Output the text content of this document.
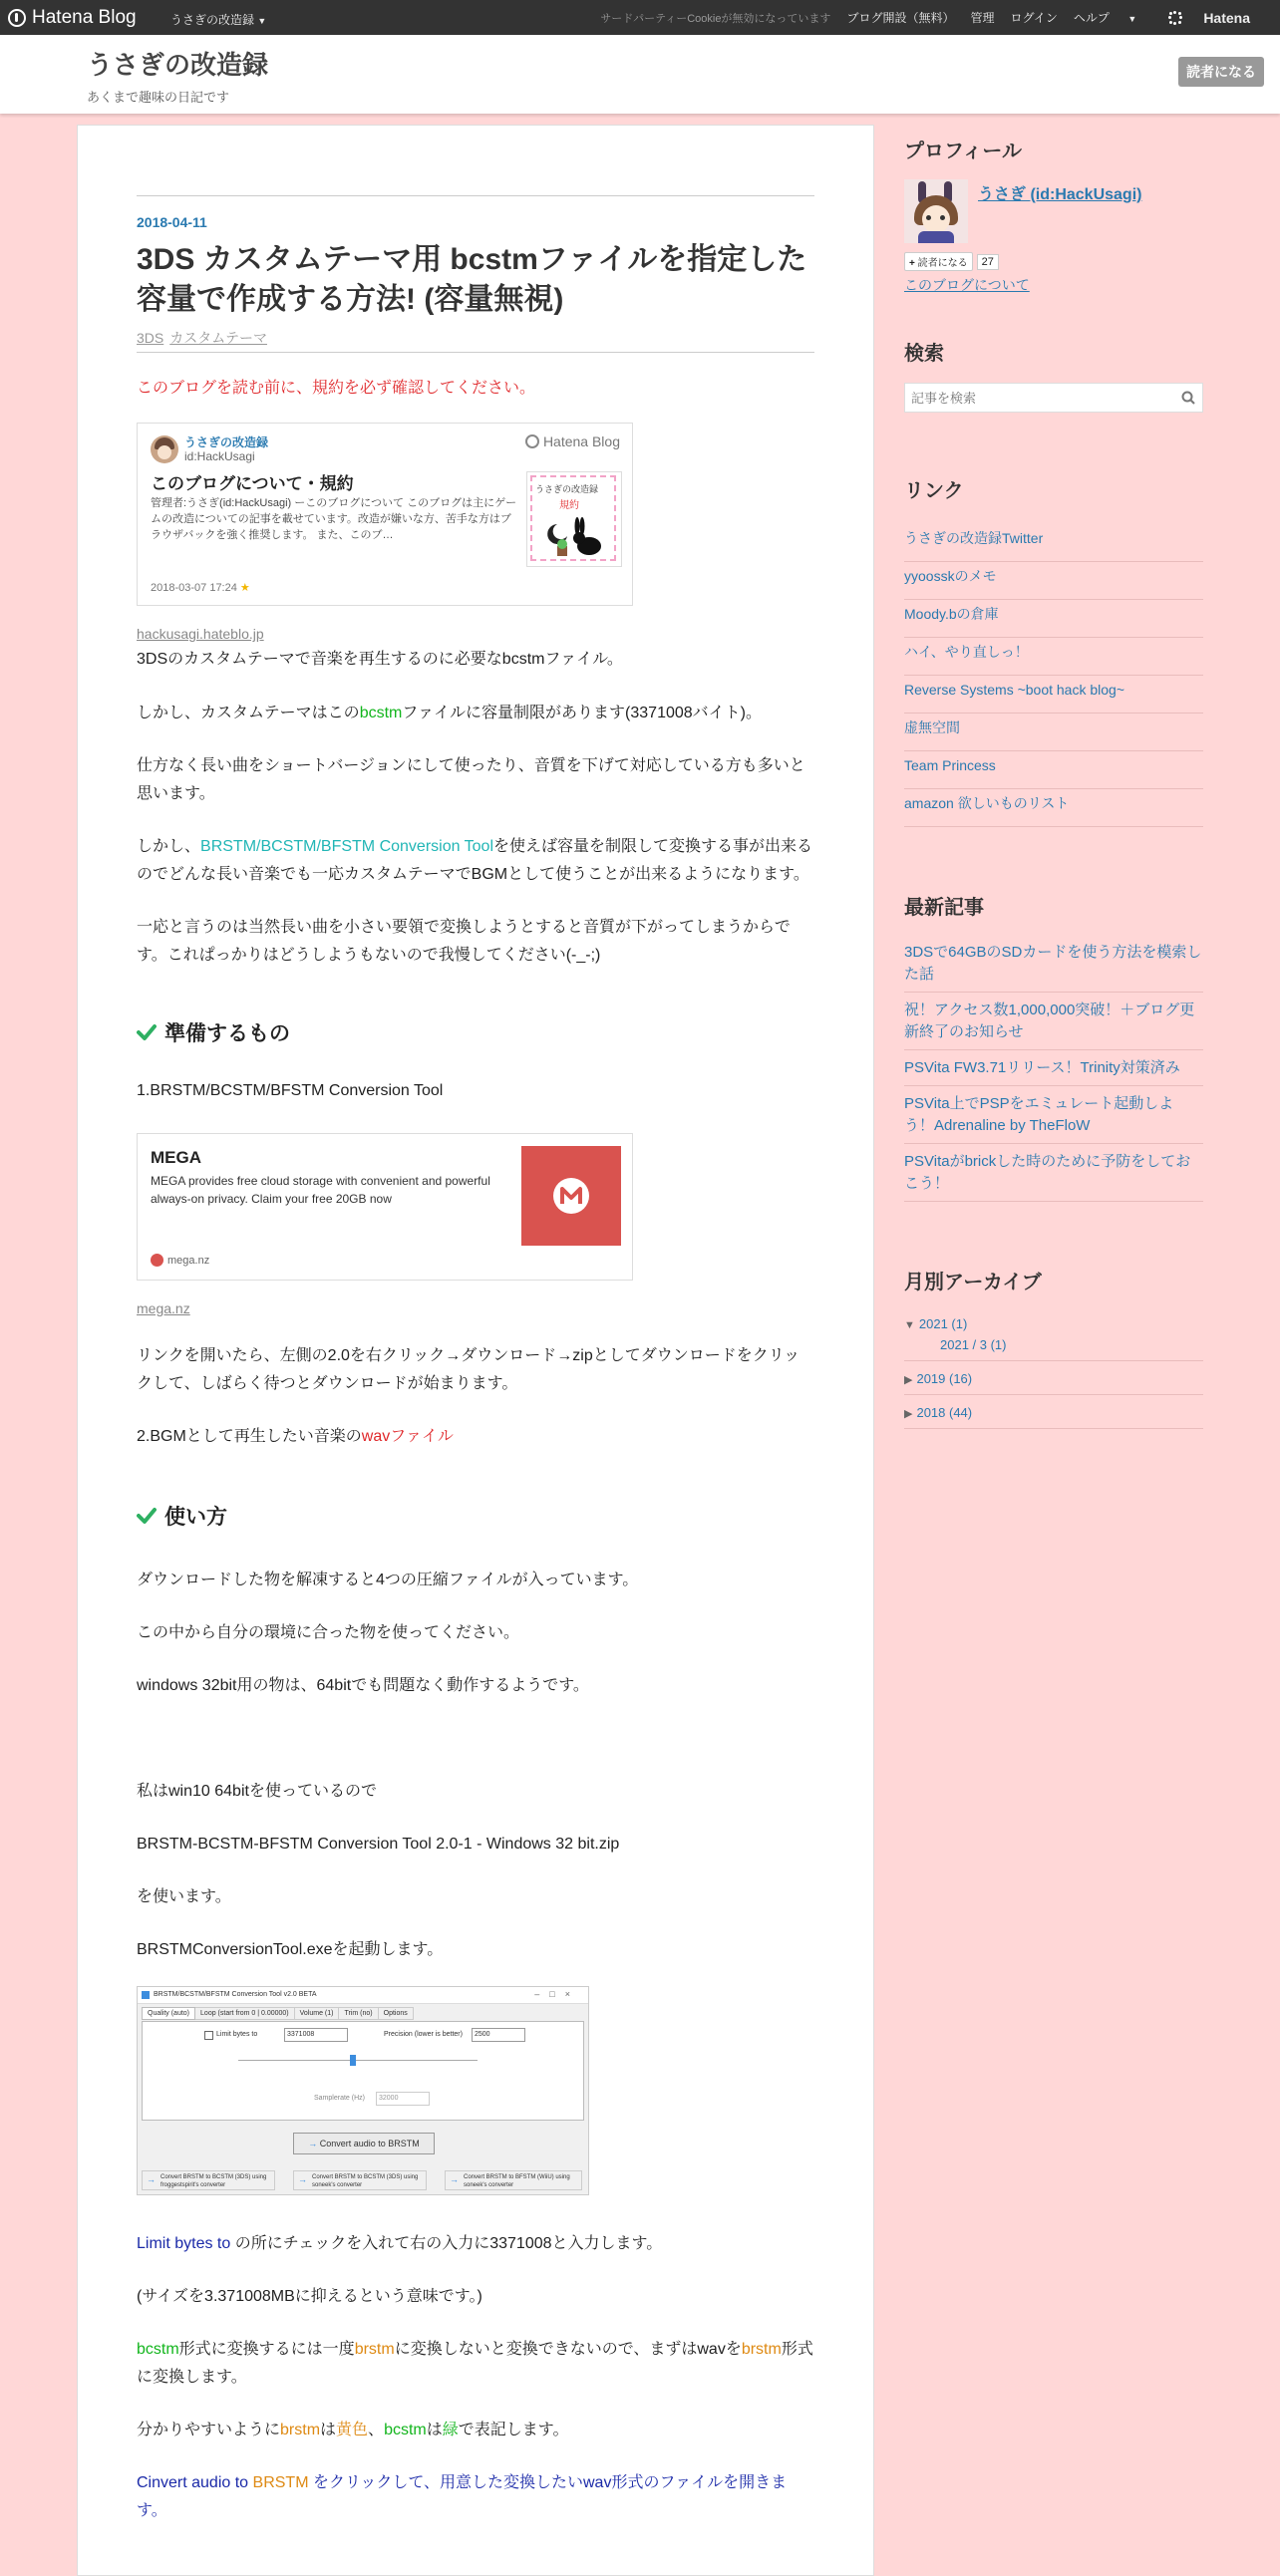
Hatena Blog	うさぎの改造録 ▼	サードパーティーCookieが無効になっています ブログ開設（無料） 管理 ログイン ヘルプ ▼	Hatena
うさぎの改造録
あくまで趣味の日記です
読者になる
2018-04-11
3DS カスタムテーマ用 bcstmファイルを指定した容量で作成する方法! (容量無視)
3DS カスタムテーマ

このブログを読む前に、規約を必ず確認してください。

うさぎの改造録
id:HackUsagi
Hatena Blog
このブログについて・規約
管理者:うさぎ(id:HackUsagi) ーこのブログについて このブログは主にゲームの改造についての記事を載せています。改造が嫌いな方、苦手な方はブラウザバックを強く推奨します。 また、このブ…
うさぎの改造録
規約
2018-03-07 17:24 ★
hackusagi.hateblo.jp

3DSのカスタムテーマで音楽を再生するのに必要なbcstmファイル。

しかし、カスタムテーマはこのbcstmファイルに容量制限があります(3371008バイト)。

仕方なく長い曲をショートバージョンにして使ったり、音質を下げて対応している方も多いと思います。

しかし、BRSTM/BCSTM/BFSTM Conversion Toolを使えば容量を制限して変換する事が出来るのでどんな長い音楽でも一応カスタムテーマでBGMとして使うことが出来るようになります。

一応と言うのは当然長い曲を小さい要領で変換しようとすると音質が下がってしまうからです。これぱっかりはどうしようもないので我慢してください(-_-;)

準備するもの

1.BRSTM/BCSTM/BFSTM Conversion Tool

MEGA
MEGA provides free cloud storage with convenient and powerful always-on privacy. Claim your free 20GB now
mega.nz
mega.nz

リンクを開いたら、左側の2.0を右クリック→ダウンロード→zipとしてダウンロードをクリックして、しばらく待つとダウンロードが始まります。

2.BGMとして再生したい音楽のwavファイル

使い方

ダウンロードした物を解凍すると4つの圧縮ファイルが入っています。

この中から自分の環境に合った物を使ってください。

windows 32bit用の物は、64bitでも問題なく動作するようです。

私はwin10 64bitを使っているので

BRSTM-BCSTM-BFSTM Conversion Tool 2.0-1 - Windows 32 bit.zip

を使います。

BRSTMConversionTool.exeを起動します。

BRSTM/BCSTM/BFSTM Conversion Tool v2.0 BETA	–□×
Quality (auto)	Loop (start from 0 | 0.00000)	Volume (1)	Trim (no)	Options
Limit bytes to	3371008	Precision (lower is better)	2500
Samplerate (Hz)	32000
→ Convert audio to BRSTM
→ Convert BRSTM to BCSTM (3DS) using froggestspirit's converter
→ Convert BRSTM to BCSTM (3DS) using soneek's converter
→ Convert BRSTM to BFSTM (WiiU) using soneek's converter

Limit bytes to の所にチェックを入れて右の入力に3371008と入力します。

(サイズを3.371008MBに抑えるという意味です。)

bcstm形式に変換するには一度brstmに変換しないと変換できないので、まずはwavをbrstm形式に変換します。

分かりやすいようにbrstmは黄色、bcstmは緑で表記します。

Cinvert audio to BRSTM をクリックして、用意した変換したいwav形式のファイルを開きます。

プロフィール
うさぎ (id:HackUsagi)
+ 読者になる	27
このブログについて
検索
記事を検索
リンク
うさぎの改造録Twitter
yyoosskのメモ
Moody.bの倉庫
ハイ、やり直しっ！
Reverse Systems ~boot hack blog~
虚無空間
Team Princess
amazon 欲しいものリスト
最新記事
3DSで64GBのSDカードを使う方法を模索した話
祝！アクセス数1,000,000突破！＋ブログ更新終了のお知らせ
PSVita FW3.71リリース！Trinity対策済み
PSVita上でPSPをエミュレート起動しよう！Adrenaline by TheFloW
PSVitaがbrickした時のために予防をしておこう！
月別アーカイブ
▼ 2021 (1)
2021 / 3 (1)
▶ 2019 (16)
▶ 2018 (44)
